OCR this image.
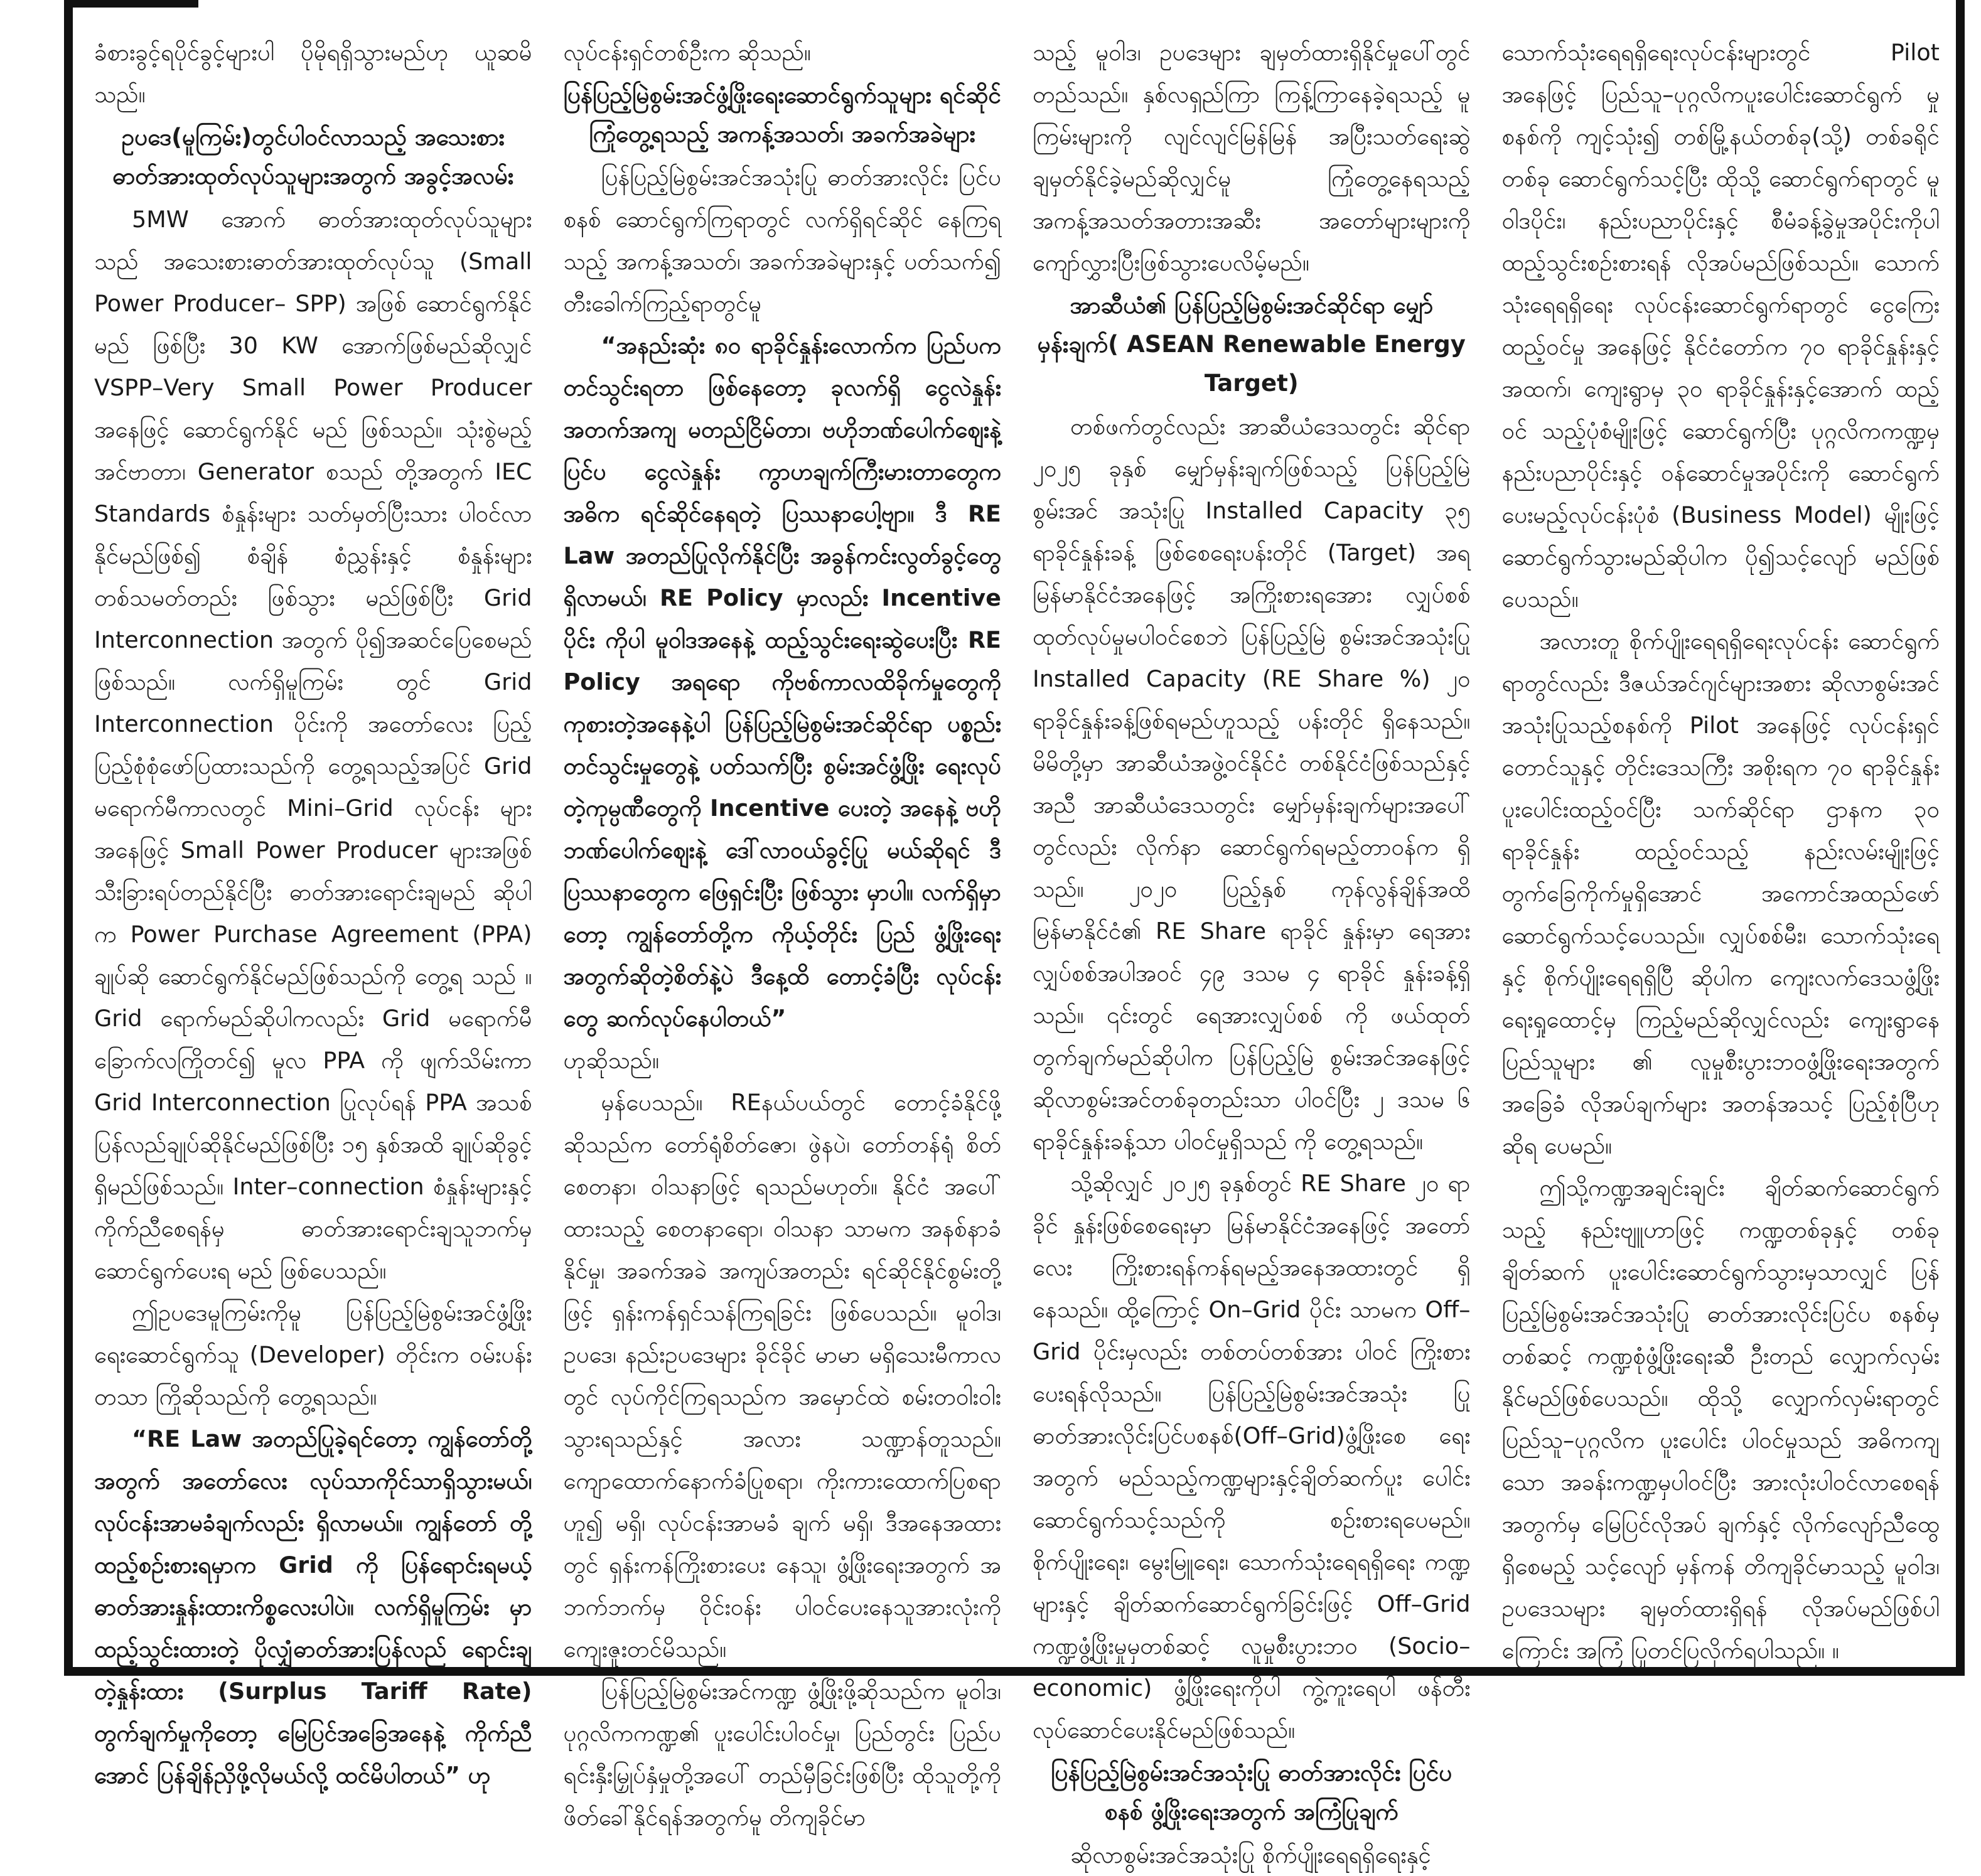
ခံစားခွင့်ရပိုင်ခွင့်များပါ ပိုမိုရရှိသွားမည်ဟု ယူဆမိ သည်။

ဥပဒေ(မူကြမ်း)တွင်ပါဝင်လာသည့် အသေးစား ဓာတ်အားထုတ်လုပ်သူများအတွက် အခွင့်အလမ်း

5MW အောက် ဓာတ်အားထုတ်လုပ်သူများ သည် အသေးစားဓာတ်အားထုတ်လုပ်သူ (Small Power Producer– SPP) အဖြစ် ဆောင်ရွက်နိုင်မည် ဖြစ်ပြီး 30 KW အောက်ဖြစ်မည်ဆိုလျှင် VSPP–Very Small Power Producer အနေဖြင့် ဆောင်ရွက်နိုင် မည် ဖြစ်သည်။ သုံးစွဲမည့် အင်ဗာတာ၊ Generator စသည် တို့အတွက် IEC Standards စံနှုန်းများ သတ်မှတ်ပြီးသား ပါဝင်လာနိုင်မည်ဖြစ်၍ စံချိန် စံညွှန်းနှင့် စံနှုန်းများ တစ်သမတ်တည်း ဖြစ်သွား မည်ဖြစ်ပြီး Grid Interconnection အတွက် ပို၍အဆင်ပြေစေမည်ဖြစ်သည်။ လက်ရှိမူကြမ်း တွင် Grid Interconnection ပိုင်းကို အတော်လေး ပြည့်ပြည့်စုံစုံဖော်ပြထားသည်ကို တွေ့ရသည့်အပြင် Grid မရောက်မီကာလတွင် Mini–Grid လုပ်ငန်း များအနေဖြင့် Small Power Producer များအဖြစ် သီးခြားရပ်တည်နိုင်ပြီး ဓာတ်အားရောင်းချမည် ဆိုပါက Power Purchase Agreement (PPA) ချုပ်ဆို ဆောင်ရွက်နိုင်မည်ဖြစ်သည်ကို တွေ့ရ သည် ။ Grid ရောက်မည်ဆိုပါကလည်း Grid မရောက်မီ ခြောက်လကြိုတင်၍ မူလ PPA ကို ဖျက်သိမ်းကာ Grid Interconnection ပြုလုပ်ရန် PPA အသစ် ပြန်လည်ချုပ်ဆိုနိုင်မည်ဖြစ်ပြီး ၁၅ နှစ်အထိ ချုပ်ဆိုခွင့်ရှိမည်ဖြစ်သည်။ Inter–connection စံနှုန်းများနှင့် ကိုက်ညီစေရန်မှ ဓာတ်အားရောင်းချသူဘက်မှ ဆောင်ရွက်ပေးရ မည် ဖြစ်ပေသည်။

ဤဥပဒေမူကြမ်းကိုမူ ပြန်ပြည့်မြဲစွမ်းအင်ဖွံ့ဖြိုး ရေးဆောင်ရွက်သူ (Developer) တိုင်းက ဝမ်းပန်း တသာ ကြိုဆိုသည်ကို တွေ့ရသည်။

“RE Law အတည်ပြုခဲ့ရင်တော့ ကျွန်တော်တို့ အတွက် အတော်လေး လုပ်သာကိုင်သာရှိသွားမယ်၊ လုပ်ငန်းအာမခံချက်လည်း ရှိလာမယ်။ ကျွန်တော် တို့ ထည့်စဉ်းစားရမှာက Grid ကို ပြန်ရောင်းရမယ့် ဓာတ်အားနှုန်းထားကိစ္စလေးပါပဲ။ လက်ရှိမူကြမ်း မှာ ထည့်သွင်းထားတဲ့ ပိုလျှံဓာတ်အားပြန်လည် ရောင်းချတဲ့နှုန်းထား (Surplus Tariff Rate) တွက်ချက်မှုကိုတော့ မြေပြင်အခြေအနေနဲ့ ကိုက်ညီ အောင် ပြန်ချိန်ညှိဖို့လိုမယ်လို့ ထင်မိပါတယ်” ဟု

လုပ်ငန်းရှင်တစ်ဦးက ဆိုသည်။

ပြန်ပြည့်မြဲစွမ်းအင်ဖွံ့ဖြိုးရေးဆောင်ရွက်သူများ ရင်ဆိုင်ကြုံတွေ့ရသည့် အကန့်အသတ်၊ အခက်အခဲများ

ပြန်ပြည့်မြဲစွမ်းအင်အသုံးပြု ဓာတ်အားလိုင်း ပြင်ပစနစ် ဆောင်ရွက်ကြရာတွင် လက်ရှိရင်ဆိုင် နေကြရသည့် အကန့်အသတ်၊ အခက်အခဲများနှင့် ပတ်သက်၍ တီးခေါက်ကြည့်ရာတွင်မူ

“အနည်းဆုံး ၈၀ ရာခိုင်နှုန်းလောက်က ပြည်ပက တင်သွင်းရတာ ဖြစ်နေတော့ ခုလက်ရှိ ငွေလဲနှုန်းအတက်အကျ မတည်ငြိမ်တာ၊ ဗဟိုဘဏ်ပေါက်ဈေးနဲ့ ပြင်ပ ငွေလဲနှုန်း ကွာဟချက်ကြီးမားတာတွေက အဓိက ရင်ဆိုင်နေရတဲ့ ပြဿနာပေါ့ဗျာ။ ဒီ RE Law အတည်ပြုလိုက်နိုင်ပြီး အခွန်ကင်းလွတ်ခွင့်တွေ ရှိလာမယ်၊ RE Policy မှာလည်း Incentive ပိုင်း ကိုပါ မူဝါဒအနေနဲ့ ထည့်သွင်းရေးဆွဲပေးပြီး RE Policy အရရော ကိုဗစ်ကာလထိခိုက်မှုတွေကို ကုစားတဲ့အနေနဲ့ပါ ပြန်ပြည့်မြဲစွမ်းအင်ဆိုင်ရာ ပစ္စည်းတင်သွင်းမှုတွေနဲ့ ပတ်သက်ပြီး စွမ်းအင်ဖွံ့ဖြိုး ရေးလုပ်တဲ့ကုမ္ပဏီတွေကို Incentive ပေးတဲ့ အနေနဲ့ ဗဟိုဘဏ်ပေါက်ဈေးနဲ့ ဒေါ်လာဝယ်ခွင့်ပြု မယ်ဆိုရင် ဒီပြဿနာတွေက ဖြေရှင်းပြီး ဖြစ်သွား မှာပါ။ လက်ရှိမှာတော့ ကျွန်တော်တို့က ကိုယ့်တိုင်း ပြည် ဖွံ့ဖြိုးရေးအတွက်ဆိုတဲ့စိတ်နဲ့ပဲ ဒီနေ့ထိ တောင့်ခံပြီး လုပ်ငန်းတွေ ဆက်လုပ်နေပါတယ်”

ဟုဆိုသည်။

မှန်ပေသည်။ REနယ်ပယ်တွင် တောင့်ခံနိုင်ဖို့ ဆိုသည်က တော်ရုံစိတ်ဇော၊ ဖွဲနပဲ၊ တော်တန်ရုံ စိတ်စေတနာ၊ ဝါသနာဖြင့် ရသည်မဟုတ်။ နိုင်ငံ အပေါ်ထားသည့် စေတနာရော၊ ဝါသနာ သာမက အနစ်နာခံနိုင်မှု၊ အခက်အခဲ အကျပ်အတည်း ရင်ဆိုင်နိုင်စွမ်းတို့ဖြင့် ရှန်းကန်ရှင်သန်ကြရခြင်း ဖြစ်ပေသည်။ မူဝါဒ၊ ဥပဒေ၊ နည်းဥပဒေများ ခိုင်ခိုင် မာမာ မရှိသေးမီကာလတွင် လုပ်ကိုင်ကြရသည်က အမှောင်ထဲ စမ်းတဝါးဝါး သွားရသည်နှင့် အလား သဏ္ဍာန်တူသည်။ ကျောထောက်နောက်ခံပြုစရာ၊ ကိုးကားထောက်ပြစရာဟူ၍ မရှိ၊ လုပ်ငန်းအာမခံ ချက် မရှိ၊ ဒီအနေအထားတွင် ရှန်းကန်ကြိုးစားပေး နေသူ၊ ဖွံ့ဖြိုးရေးအတွက် အဘက်ဘက်မှ ဝိုင်းဝန်း ပါဝင်ပေးနေသူအားလုံးကို ကျေးဇူးတင်မိသည်။

ပြန်ပြည့်မြဲစွမ်းအင်ကဏ္ဍ ဖွံ့ဖြိုးဖို့ဆိုသည်က မူဝါဒ၊ ပုဂ္ဂလိကကဏ္ဍ၏ ပူးပေါင်းပါဝင်မှု၊ ပြည်တွင်း ပြည်ပရင်းနှီးမြှုပ်နှံမှုတို့အပေါ် တည်မှီခြင်းဖြစ်ပြီး ထိုသူတို့ကို ဖိတ်ခေါ်နိုင်ရန်အတွက်မူ တိကျခိုင်မာ

သည့် မူဝါဒ၊ ဥပဒေများ ချမှတ်ထားရှိနိုင်မှုပေါ်တွင် တည်သည်။ နှစ်လရှည်ကြာ ကြန့်ကြာနေခဲ့ရသည့် မူကြမ်းများကို လျင်လျင်မြန်မြန် အပြီးသတ်ရေးဆွဲ ချမှတ်နိုင်ခဲ့မည်ဆိုလျှင်မူ ကြုံတွေ့နေရသည့် အကန့်အသတ်အတားအဆီး အတော်များများကို ကျော်လွှားပြီးဖြစ်သွားပေလိမ့်မည်။

အာဆီယံ၏ ပြန်ပြည့်မြဲစွမ်းအင်ဆိုင်ရာ မျှော် မှန်းချက်( ASEAN Renewable Energy Target)

တစ်ဖက်တွင်လည်း အာဆီယံဒေသတွင်း ဆိုင်ရာ ၂၀၂၅ ခုနှစ် မျှော်မှန်းချက်ဖြစ်သည့် ပြန်ပြည့်မြဲစွမ်းအင် အသုံးပြု Installed Capacity ၃၅ ရာခိုင်နှုန်းခန့် ဖြစ်စေရေးပန်းတိုင် (Target) အရ မြန်မာနိုင်ငံအနေဖြင့် အကြိုးစားရအေား လျှပ်စစ်ထုတ်လုပ်မှုမပါဝင်စေဘဲ ပြန်ပြည့်မြဲ စွမ်းအင်အသုံးပြု Installed Capacity (RE Share %) ၂၀ ရာခိုင်နှုန်းခန့်ဖြစ်ရမည်ဟူသည့် ပန်းတိုင် ရှိနေသည်။ မိမိတို့မှာ အာဆီယံအဖွဲ့ဝင်နိုင်ငံ တစ်နိုင်ငံဖြစ်သည်နှင့်အညီ အာဆီယံဒေသတွင်း မျှော်မှန်းချက်များအပေါ်တွင်လည်း လိုက်နာ ဆောင်ရွက်ရမည့်တာဝန်က ရှိသည်။ ၂၀၂၀ ပြည့်နှစ် ကုန်လွန်ချိန်အထိ မြန်မာနိုင်ငံ၏ RE Share ရာခိုင် နှုန်းမှာ ရေအားလျှပ်စစ်အပါအဝင် ၄၉ ဒသမ ၄ ရာခိုင် နှုန်းခန့်ရှိသည်။ ၎င်းတွင် ရေအားလျှပ်စစ် ကို ဖယ်ထုတ်တွက်ချက်မည်ဆိုပါက ပြန်ပြည့်မြဲ စွမ်းအင်အနေဖြင့် ဆိုလာစွမ်းအင်တစ်ခုတည်းသာ ပါဝင်ပြီး ၂ ဒသမ ၆ ရာခိုင်နှုန်းခန့်သာ ပါဝင်မှုရှိသည် ကို တွေ့ရသည်။

သို့ဆိုလျှင် ၂၀၂၅ ခုနှစ်တွင် RE Share ၂၀ ရာခိုင် နှုန်းဖြစ်စေရေးမှာ မြန်မာနိုင်ငံအနေဖြင့် အတော် လေး ကြိုးစားရန်ကန်ရမည့်အနေအထားတွင် ရှိနေသည်။ ထို့ကြောင့် On–Grid ပိုင်း သာမက Off–Grid ပိုင်းမှလည်း တစ်တပ်တစ်အား ပါဝင် ကြိုးစားပေးရန်လိုသည်။ ပြန်ပြည့်မြဲစွမ်းအင်အသုံး ပြု ဓာတ်အားလိုင်းပြင်ပစနစ်(Off–Grid)ဖွံ့ဖြိုးစေ ရေးအတွက် မည်သည့်ကဏ္ဍများနှင့်ချိတ်ဆက်ပူး ပေါင်း ဆောင်ရွက်သင့်သည်ကို စဉ်းစားရပေမည်။ စိုက်ပျိုးရေး၊ မွေးမြူရေး၊ သောက်သုံးရေရရှိရေး ကဏ္ဍများနှင့် ချိတ်ဆက်ဆောင်ရွက်ခြင်းဖြင့် Off–Grid ကဏ္ဍဖွံ့ဖြိုးမှုမှတစ်ဆင့် လူမှုစီးပွားဘဝ (Socio–economic) ဖွံ့ဖြိုးရေးကိုပါ ကွဲ့ကူးရေပါ ဖန်တီးလုပ်ဆောင်ပေးနိုင်မည်ဖြစ်သည်။

ပြန်ပြည့်မြဲစွမ်းအင်အသုံးပြု ဓာတ်အားလိုင်း ပြင်ပစနစ် ဖွံ့ဖြိုးရေးအတွက် အကြံပြုချက်

ဆိုလာစွမ်းအင်အသုံးပြု စိုက်ပျိုးရေရရှိရေးနှင့်

သောက်သုံးရေရရှိရေးလုပ်ငန်းများတွင် Pilot အနေဖြင့် ပြည်သူ–ပုဂ္ဂလိကပူးပေါင်းဆောင်ရွက် မှုစနစ်ကို ကျင့်သုံး၍ တစ်မြို့နယ်တစ်ခု(သို့) တစ်ခရိုင်တစ်ခု ဆောင်ရွက်သင့်ပြီး ထိုသို့ ဆောင်ရွက်ရာတွင် မူဝါဒပိုင်း၊ နည်းပညာပိုင်းနှင့် စီမံခန့်ခွဲမှုအပိုင်းကိုပါ ထည့်သွင်းစဉ်းစားရန် လိုအပ်မည်ဖြစ်သည်။ သောက်သုံးရေရရှိရေး လုပ်ငန်းဆောင်ရွက်ရာတွင် ငွေကြေးထည့်ဝင်မှု အနေဖြင့် နိုင်ငံတော်က ၇၀ ရာခိုင်နှုန်းနှင့် အထက်၊ ကျေးရွာမှ ၃၀ ရာခိုင်နှုန်းနှင့်အောက် ထည့်ဝင် သည့်ပုံစံမျိုးဖြင့် ဆောင်ရွက်ပြီး ပုဂ္ဂလိကကဏ္ဍမှ နည်းပညာပိုင်းနှင့် ဝန်ဆောင်မှုအပိုင်းကို ဆောင်ရွက်ပေးမည့်လုပ်ငန်းပုံစံ (Business Model) မျိုးဖြင့် ဆောင်ရွက်သွားမည်ဆိုပါက ပို၍သင့်လျော် မည်ဖြစ်ပေသည်။

အလားတူ စိုက်ပျိုးရေရရှိရေးလုပ်ငန်း ဆောင်ရွက်ရာတွင်လည်း ဒီဇယ်အင်ဂျင်များအစား ဆိုလာစွမ်းအင်အသုံးပြုသည့်စနစ်ကို Pilot အနေဖြင့် လုပ်ငန်းရှင်တောင်သူနှင့် တိုင်းဒေသကြီး အစိုးရက ၇၀ ရာခိုင်နှုန်း ပူးပေါင်းထည့်ဝင်ပြီး သက်ဆိုင်ရာ ဌာနက ၃၀ ရာခိုင်နှုန်း ထည့်ဝင်သည့် နည်းလမ်းမျိုးဖြင့် တွက်ခြေကိုက်မှုရှိအောင် အကောင်အထည်ဖော်ဆောင်ရွက်သင့်ပေသည်။ လျှပ်စစ်မီး၊ သောက်သုံးရေနှင့် စိုက်ပျိုးရေရရှိပြီ ဆိုပါက ကျေးလက်ဒေသဖွံ့ဖြိုးရေးရှုထောင့်မှ ကြည့်မည်ဆိုလျှင်လည်း ကျေးရွာနေပြည်သူများ ၏ လူမှုစီးပွားဘဝဖွံ့ဖြိုးရေးအတွက် အခြေခံ လိုအပ်ချက်များ အတန်အသင့် ပြည့်စုံပြီဟု ဆိုရ ပေမည်။

ဤသို့ကဏ္ဍအချင်းချင်း ချိတ်ဆက်ဆောင်ရွက် သည့် နည်းဗျူဟာဖြင့် ကဏ္ဍတစ်ခုနှင့် တစ်ခု ချိတ်ဆက် ပူးပေါင်းဆောင်ရွက်သွားမှသာလျှင် ပြန်ပြည့်မြဲစွမ်းအင်အသုံးပြု ဓာတ်အားလိုင်းပြင်ပ စနစ်မှတစ်ဆင့် ကဏ္ဍစုံဖွံ့ဖြိုးရေးဆီ ဦးတည် လျှောက်လှမ်းနိုင်မည်ဖြစ်ပေသည်။ ထိုသို့ လျှောက်လှမ်းရာတွင် ပြည်သူ–ပုဂ္ဂလိက ပူးပေါင်း ပါဝင်မှုသည် အဓိကကျသော အခန်းကဏ္ဍမှပါဝင်ပြီး အားလုံးပါဝင်လာစေရန်အတွက်မှ မြေပြင်လိုအပ် ချက်နှင့် လိုက်လျော်ညီထွေရှိစေမည့် သင့်လျော် မှန်ကန် တိကျခိုင်မာသည့် မူဝါဒ၊ ဥပဒေသများ ချမှတ်ထားရှိရန် လိုအပ်မည်ဖြစ်ပါကြောင်း အကြံ ပြုတင်ပြလိုက်ရပါသည်။ ။
